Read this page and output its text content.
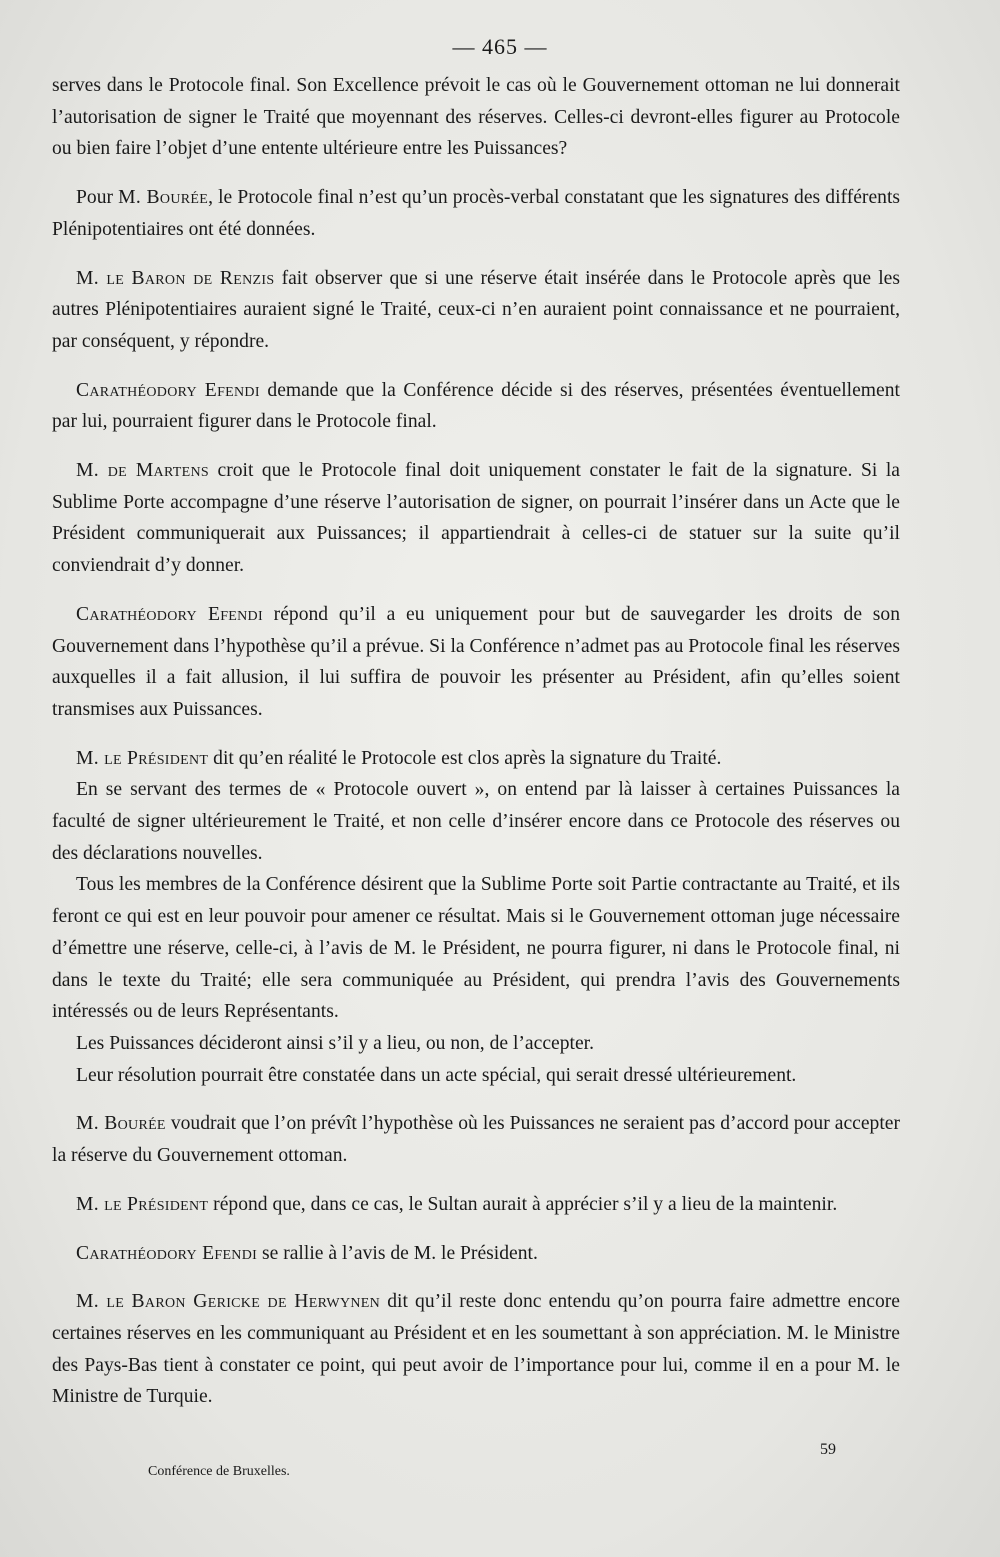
— 465 —

serves dans le Protocole final. Son Excellence prévoit le cas où le Gouvernement ottoman ne lui donnerait l’autorisation de signer le Traité que moyennant des réserves. Celles-ci devront-elles figurer au Protocole ou bien faire l’objet d’une entente ultérieure entre les Puissances?

Pour M. Bourée, le Protocole final n’est qu’un procès-verbal constatant que les signatures des différents Plénipotentiaires ont été données.

M. le Baron de Renzis fait observer que si une réserve était insérée dans le Protocole après que les autres Plénipotentiaires auraient signé le Traité, ceux-ci n’en auraient point connaissance et ne pourraient, par conséquent, y répondre.

Carathéodory Efendi demande que la Conférence décide si des réserves, présentées éventuellement par lui, pourraient figurer dans le Protocole final.

M. de Martens croit que le Protocole final doit uniquement constater le fait de la signature. Si la Sublime Porte accompagne d’une réserve l’autorisation de signer, on pourrait l’insérer dans un Acte que le Président communiquerait aux Puissances; il appartiendrait à celles-ci de statuer sur la suite qu’il conviendrait d’y donner.

Carathéodory Efendi répond qu’il a eu uniquement pour but de sauvegarder les droits de son Gouvernement dans l’hypothèse qu’il a prévue. Si la Conférence n’admet pas au Protocole final les réserves auxquelles il a fait allusion, il lui suffira de pouvoir les présenter au Président, afin qu’elles soient transmises aux Puissances.

M. le Président dit qu’en réalité le Protocole est clos après la signature du Traité.

En se servant des termes de « Protocole ouvert », on entend par là laisser à certaines Puissances la faculté de signer ultérieurement le Traité, et non celle d’insérer encore dans ce Protocole des réserves ou des déclarations nouvelles.

Tous les membres de la Conférence désirent que la Sublime Porte soit Partie contractante au Traité, et ils feront ce qui est en leur pouvoir pour amener ce résultat. Mais si le Gouvernement ottoman juge nécessaire d’émettre une réserve, celle-ci, à l’avis de M. le Président, ne pourra figurer, ni dans le Protocole final, ni dans le texte du Traité; elle sera communiquée au Président, qui prendra l’avis des Gouvernements intéressés ou de leurs Représentants.

Les Puissances décideront ainsi s’il y a lieu, ou non, de l’accepter.

Leur résolution pourrait être constatée dans un acte spécial, qui serait dressé ultérieurement.

M. Bourée voudrait que l’on prévît l’hypothèse où les Puissances ne seraient pas d’accord pour accepter la réserve du Gouvernement ottoman.

M. le Président répond que, dans ce cas, le Sultan aurait à apprécier s’il y a lieu de la maintenir.

Carathéodory Efendi se rallie à l’avis de M. le Président.

M. le Baron Gericke de Herwynen dit qu’il reste donc entendu qu’on pourra faire admettre encore certaines réserves en les communiquant au Président et en les soumettant à son appréciation. M. le Ministre des Pays-Bas tient à constater ce point, qui peut avoir de l’importance pour lui, comme il en a pour M. le Ministre de Turquie.

59
Conférence de Bruxelles.
